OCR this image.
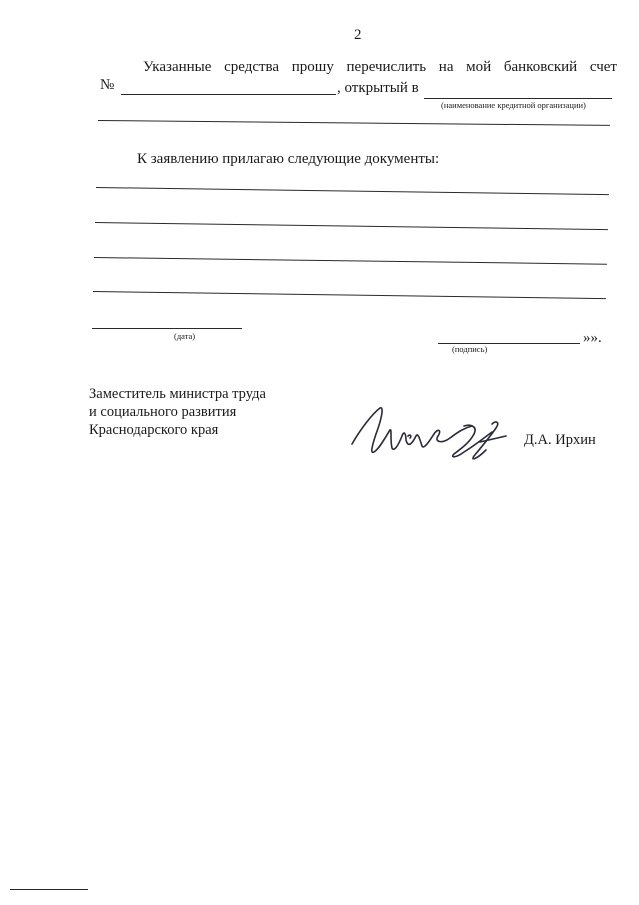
2
Указанные средства прошу перечислить на мой банковский счет
№	, открытый в
(наименование кредитной организации)
К заявлению прилагаю следующие документы:
(дата)
(подпись)
»».
Заместитель министра труда
и социального развития
Краснодарского края
Д.А. Ирхин
